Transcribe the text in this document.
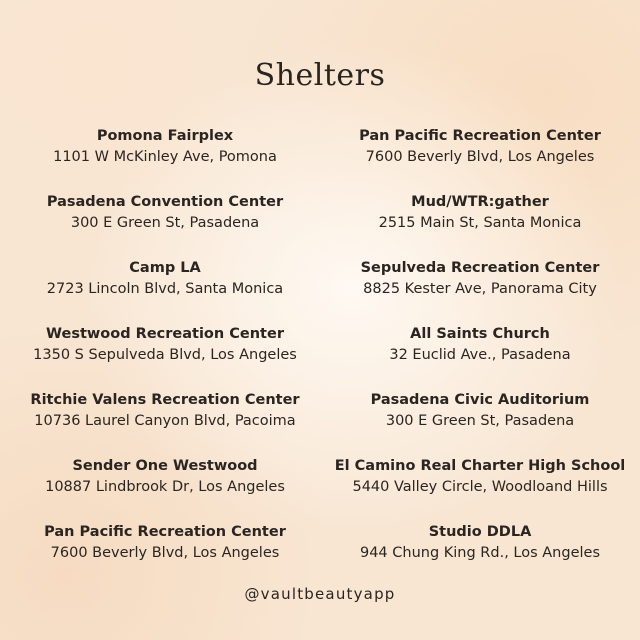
Shelters
Pomona Fairplex
1101 W McKinley Ave, Pomona
Pasadena Convention Center
300 E Green St, Pasadena
Camp LA
2723 Lincoln Blvd, Santa Monica
Westwood Recreation Center
1350 S Sepulveda Blvd, Los Angeles
Ritchie Valens Recreation Center
10736 Laurel Canyon Blvd, Pacoima
Sender One Westwood
10887 Lindbrook Dr, Los Angeles
Pan Pacific Recreation Center
7600 Beverly Blvd, Los Angeles
Pan Pacific Recreation Center
7600 Beverly Blvd, Los Angeles
Mud/WTR:gather
2515 Main St, Santa Monica
Sepulveda Recreation Center
8825 Kester Ave, Panorama City
All Saints Church
32 Euclid Ave., Pasadena
Pasadena Civic Auditorium
300 E Green St, Pasadena
El Camino Real Charter High School
5440 Valley Circle, Woodloand Hills
Studio DDLA
944 Chung King Rd., Los Angeles
@vaultbeautyapp
